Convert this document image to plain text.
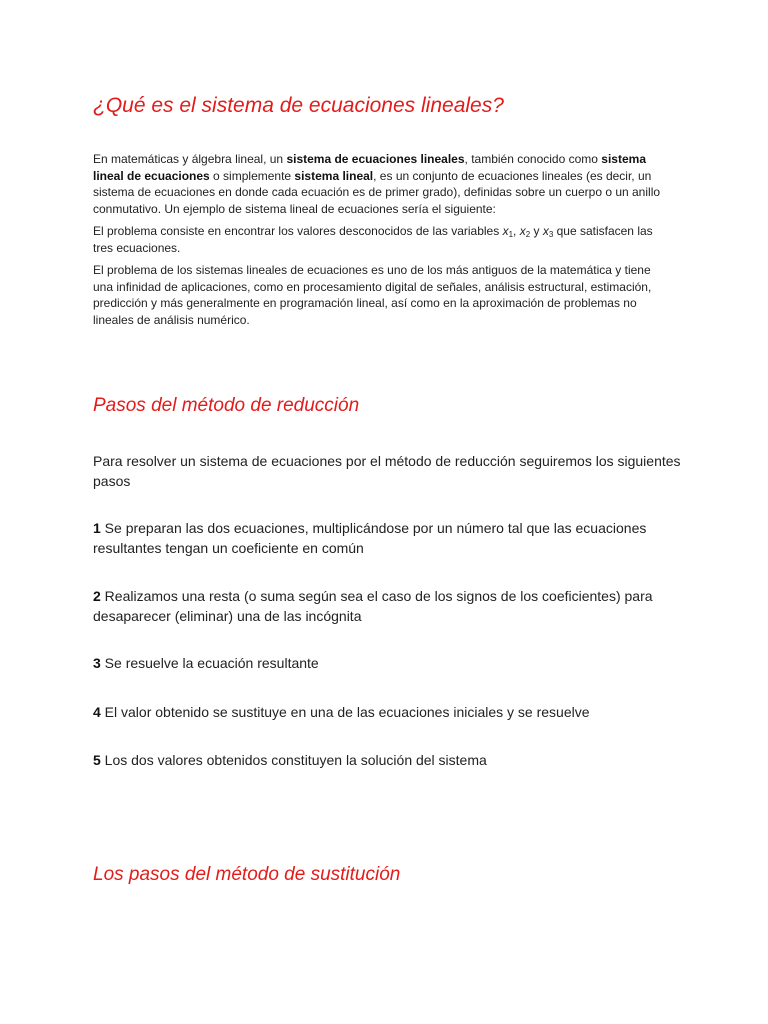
¿Qué es el sistema de ecuaciones lineales?

En matemáticas y álgebra lineal, un sistema de ecuaciones lineales, también conocido como sistema lineal de ecuaciones o simplemente sistema lineal, es un conjunto de ecuaciones lineales (es decir, un sistema de ecuaciones en donde cada ecuación es de primer grado), definidas sobre un cuerpo o un anillo conmutativo. Un ejemplo de sistema lineal de ecuaciones sería el siguiente:

El problema consiste en encontrar los valores desconocidos de las variables $x_1$, $x_2$ y $x_3$ que satisfacen las tres ecuaciones.

El problema de los sistemas lineales de ecuaciones es uno de los más antiguos de la matemática y tiene una infinidad de aplicaciones, como en procesamiento digital de señales, análisis estructural, estimación, predicción y más generalmente en programación lineal, así como en la aproximación de problemas no lineales de análisis numérico.

Pasos del método de reducción

Para resolver un sistema de ecuaciones por el método de reducción seguiremos los siguientes pasos

1 Se preparan las dos ecuaciones, multiplicándose por un número tal que las ecuaciones resultantes tengan un coeficiente en común

2 Realizamos una resta (o suma según sea el caso de los signos de los coeficientes) para desaparecer (eliminar) una de las incógnita

3 Se resuelve la ecuación resultante

4 El valor obtenido se sustituye en una de las ecuaciones iniciales y se resuelve

5 Los dos valores obtenidos constituyen la solución del sistema

Los pasos del método de sustitución
